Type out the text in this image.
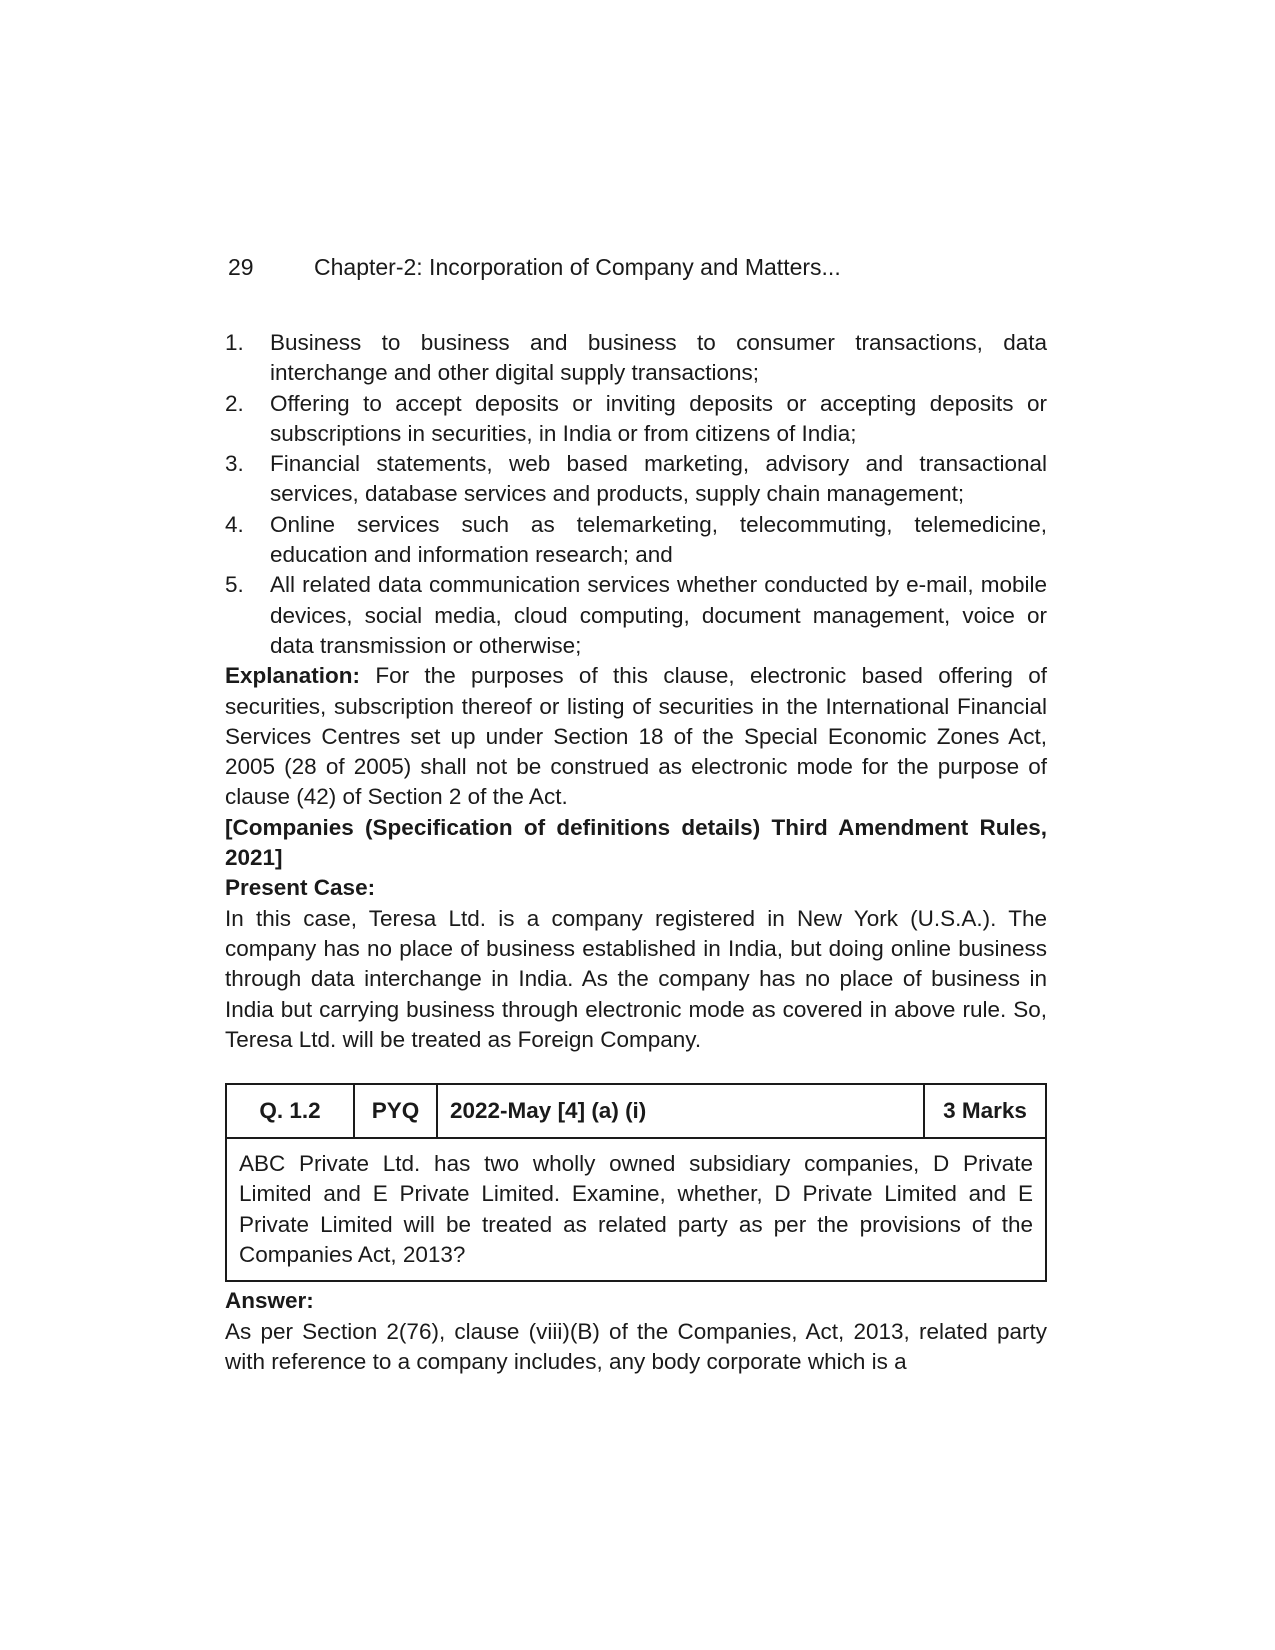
29	Chapter-2: Incorporation of Company and Matters...
1.	Business to business and business to consumer transactions, data interchange and other digital supply transactions;
2.	Offering to accept deposits or inviting deposits or accepting deposits or subscriptions in securities, in India or from citizens of India;
3.	Financial statements, web based marketing, advisory and transactional services, database services and products, supply chain management;
4.	Online services such as telemarketing, telecommuting, telemedicine, education and information research; and
5.	All related data communication services whether conducted by e-mail, mobile devices, social media, cloud computing, document management, voice or data transmission or otherwise;

Explanation: For the purposes of this clause, electronic based offering of securities, subscription thereof or listing of securities in the International Financial Services Centres set up under Section 18 of the Special Economic Zones Act, 2005 (28 of 2005) shall not be construed as electronic mode for the purpose of clause (42) of Section 2 of the Act.

[Companies (Specification of definitions details) Third Amendment Rules, 2021]

Present Case:

In this case, Teresa Ltd. is a company registered in New York (U.S.A.). The company has no place of business established in India, but doing online business through data interchange in India. As the company has no place of business in India but carrying business through electronic mode as covered in above rule. So, Teresa Ltd. will be treated as Foreign Company.

Q. 1.2	PYQ	2022-May [4] (a) (i)	3 Marks
ABC Private Ltd. has two wholly owned subsidiary companies, D Private Limited and E Private Limited. Examine, whether, D Private Limited and E Private Limited will be treated as related party as per the provisions of the Companies Act, 2013?

Answer:

As per Section 2(76), clause (viii)(B) of the Companies, Act, 2013, related party with reference to a company includes, any body corporate which is a
